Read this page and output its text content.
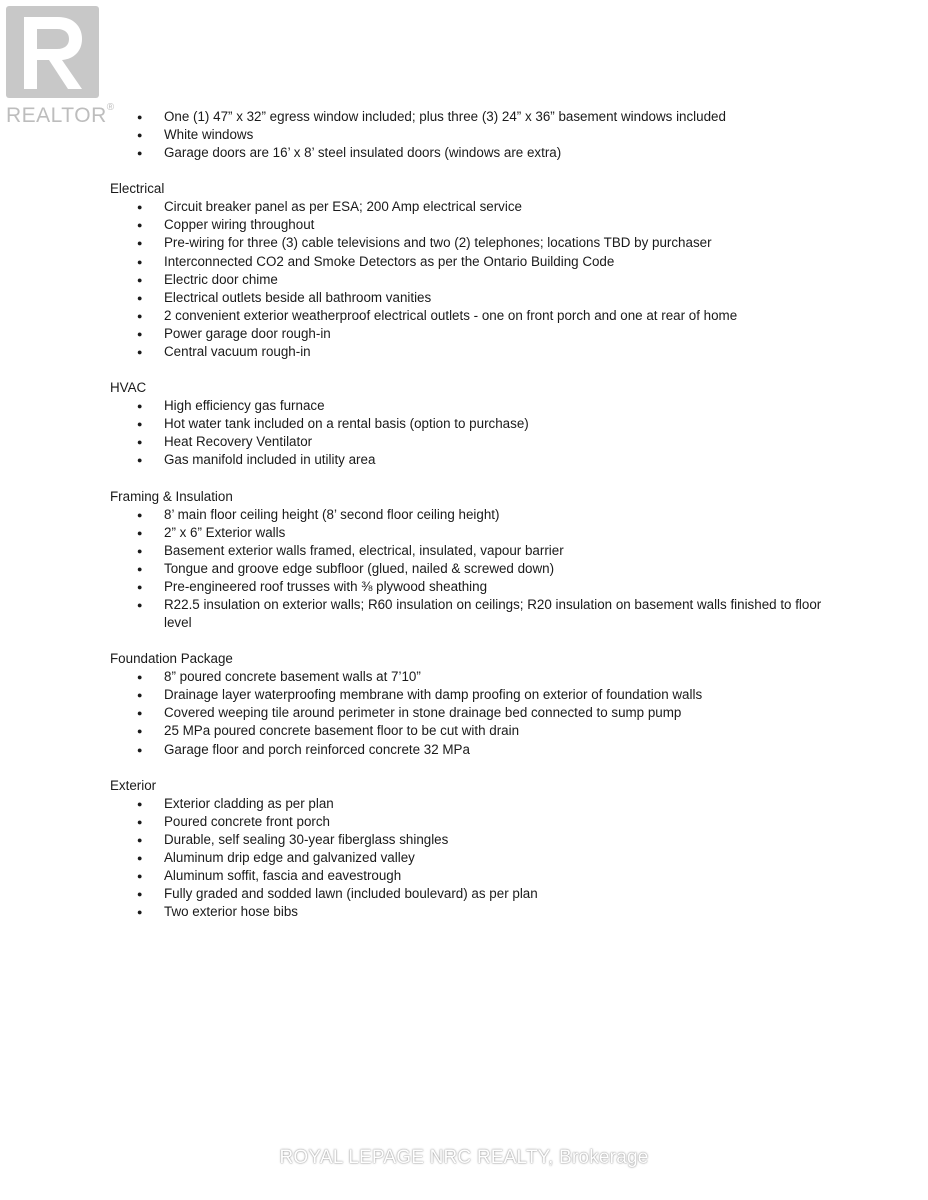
REALTOR®
● One (1) 47” x 32” egress window included; plus three (3) 24” x 36” basement windows included
● White windows
● Garage doors are 16’ x 8’ steel insulated doors (windows are extra)

Electrical

● Circuit breaker panel as per ESA; 200 Amp electrical service
● Copper wiring throughout
● Pre-wiring for three (3) cable televisions and two (2) telephones; locations TBD by purchaser
● Interconnected CO2 and Smoke Detectors as per the Ontario Building Code
● Electric door chime
● Electrical outlets beside all bathroom vanities
● 2 convenient exterior weatherproof electrical outlets - one on front porch and one at rear of home
● Power garage door rough-in
● Central vacuum rough-in

HVAC

● High efficiency gas furnace
● Hot water tank included on a rental basis (option to purchase)
● Heat Recovery Ventilator
● Gas manifold included in utility area

Framing & Insulation

● 8’ main floor ceiling height (8’ second floor ceiling height)
● 2” x 6” Exterior walls
● Basement exterior walls framed, electrical, insulated, vapour barrier
● Tongue and groove edge subfloor (glued, nailed & screwed down)
● Pre-engineered roof trusses with ⅜ plywood sheathing
● R22.5 insulation on exterior walls; R60 insulation on ceilings; R20 insulation on basement walls finished to floor level

Foundation Package

● 8” poured concrete basement walls at 7’10”
● Drainage layer waterproofing membrane with damp proofing on exterior of foundation walls
● Covered weeping tile around perimeter in stone drainage bed connected to sump pump
● 25 MPa poured concrete basement floor to be cut with drain
● Garage floor and porch reinforced concrete 32 MPa

Exterior

● Exterior cladding as per plan
● Poured concrete front porch
● Durable, self sealing 30-year fiberglass shingles
● Aluminum drip edge and galvanized valley
● Aluminum soffit, fascia and eavestrough
● Fully graded and sodded lawn (included boulevard) as per plan
● Two exterior hose bibs
ROYAL LEPAGE NRC REALTY, Brokerage
